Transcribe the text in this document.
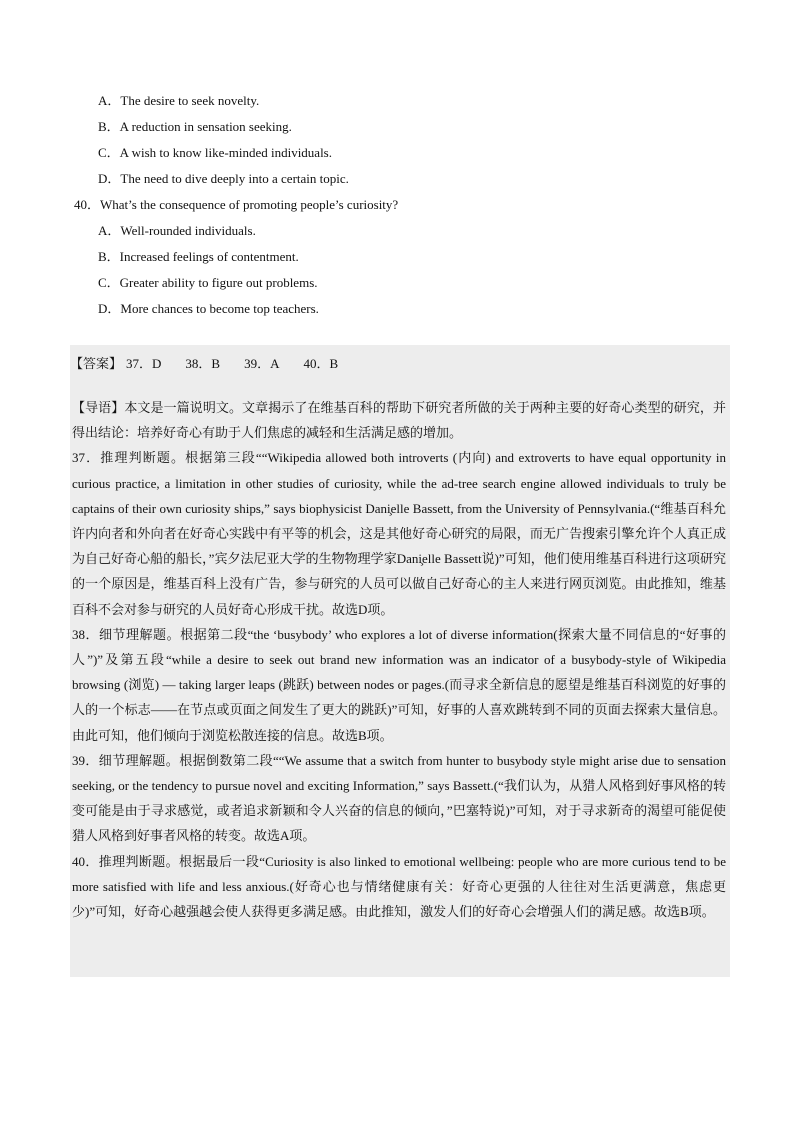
A．The desire to seek novelty.
B．A reduction in sensation seeking.
C．A wish to know like-minded individuals.
D．The need to dive deeply into a certain topic.
40．What’s the consequence of promoting people’s curiosity?
A．Well-rounded individuals.
B．Increased feelings of contentment.
C．Greater ability to figure out problems.
D．More chances to become top teachers.
【答案】 37．D 38．B 39．A 40．B

【导语】本文是一篇说明文。文章揭示了在维基百科的帮助下研究者所做的关于两种主要的好奇心类型的研究，并得出结论：培养好奇心有助于人们焦虑的减轻和生活满足感的增加。

37．推理判断题。根据第三段““Wikipedia allowed both introverts (内向) and extroverts to have equal opportunity in curious practice, a limitation in other studies of curiosity, while the ad-tree search engine allowed individuals to truly be captains of their own curiosity ships,” says biophysicist Dani̧elle Bassett, from the University of Pennsylvania.(“维基百科允许内向者和外向者在好奇心实践中有平等的机会，这是其他好奇心研究的局限，而无广告搜索引擎允许个人真正成为自己好奇心船的船长，”宾夕法尼亚大学的生物物理学家Dani̧elle Bassett说)”可知，他们使用维基百科进行这项研究的一个原因是，维基百科上没有广告，参与研究的人员可以做自己好奇心的主人来进行网页浏览。由此推知，维基百科不会对参与研究的人员好奇心形成干扰。故选D项。

38．细节理解题。根据第二段“the ‘busybody’ who explores a lot of diverse information(探索大量不同信息的“好事的人”)”及第五段“while a desire to seek out brand new information was an indicator of a busybody-style of Wikipedia browsing (浏览) — taking larger leaps (跳跃) between nodes or pages.(而寻求全新信息的愿望是维基百科浏览的好事的人的一个标志——在节点或页面之间发生了更大的跳跃)”可知，好事的人喜欢跳转到不同的页面去探索大量信息。由此可知，他们倾向于浏览松散连接的信息。故选B项。

39．细节理解题。根据倒数第二段““We assume that a switch from hunter to busybody style might arise due to sensation seeking, or the tendency to pursue novel and exciting Information,” says Bassett.(“我们认为，从猎人风格到好事风格的转变可能是由于寻求感觉，或者追求新颖和令人兴奋的信息的倾向，”巴塞特说)”可知，对于寻求新奇的渴望可能促使猎人风格到好事者风格的转变。故选A项。

40．推理判断题。根据最后一段“Curiosity is also linked to emotional wellbeing: people who are more curious tend to be more satisfied with life and less anxious.(好奇心也与情绪健康有关：好奇心更强的人往往对生活更满意，焦虑更少)”可知，好奇心越强越会使人获得更多满足感。由此推知，激发人们的好奇心会增强人们的满足感。故选B项。
